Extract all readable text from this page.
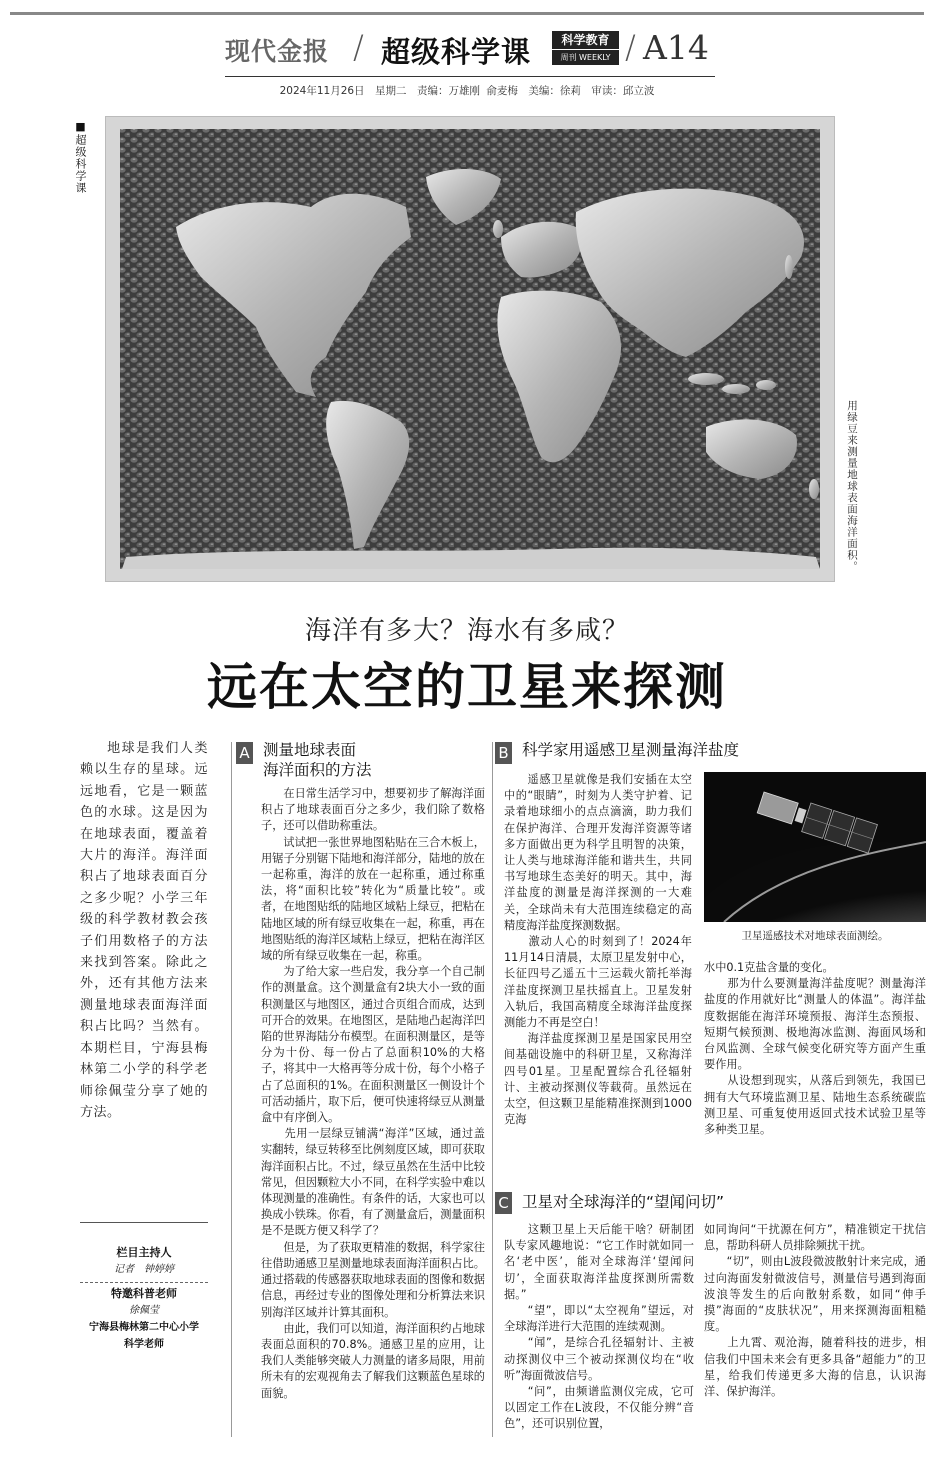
现代金报 / 超级科学课	科学教育
周刊 WEEKLY / A14
2024年11月26日　星期二　责编：万雄刚 俞麦梅　美编：徐莉　审读：邱立波
■超级科学课
用绿豆来测量地球表面海洋面积。
海洋有多大？海水有多咸？
远在太空的卫星来探测
地球是我们人类赖以生存的星球。远远地看，它是一颗蓝色的水球。这是因为在地球表面，覆盖着大片的海洋。海洋面积占了地球表面百分之多少呢？小学三年级的科学教材教会孩子们用数格子的方法来找到答案。除此之外，还有其他方法来测量地球表面海洋面积占比吗？当然有。本期栏目，宁海县梅林第二小学的科学老师徐佩莹分享了她的方法。
栏目主持人
记者　钟婷婷
特邀科普老师
徐佩莹
宁海县梅林第二中心小学
科学老师
A 测量地球表面
海洋面积的方法
　　在日常生活学习中，想要初步了解海洋面积占了地球表面百分之多少，我们除了数格子，还可以借助称重法。
　　试试把一张世界地图粘贴在三合木板上，用锯子分别锯下陆地和海洋部分，陆地的放在一起称重，海洋的放在一起称重，通过称重法，将“面积比较”转化为“质量比较”。或者，在地图贴纸的陆地区域粘上绿豆，把粘在陆地区域的所有绿豆收集在一起，称重，再在地图贴纸的海洋区域粘上绿豆，把粘在海洋区域的所有绿豆收集在一起，称重。
　　为了给大家一些启发，我分享一个自己制作的测量盒。这个测量盒有2块大小一致的面积测量区与地图区，通过合页组合而成，达到可开合的效果。在地图区，是陆地凸起海洋凹陷的世界海陆分布模型。在面积测量区，是等分为十份、每一份占了总面积10%的大格子，将其中一大格再等分成十份，每个小格子占了总面积的1%。在面积测量区一侧设计个可活动插片，取下后，便可快速将绿豆从测量盒中有序倒入。
　　先用一层绿豆铺满“海洋”区域，通过盖实翻转，绿豆转移至比例刻度区域，即可获取海洋面积占比。不过，绿豆虽然在生活中比较常见，但因颗粒大小不同，在科学实验中难以体现测量的准确性。有条件的话，大家也可以换成小铁珠。你看，有了测量盒后，测量面积是不是既方便又科学了？
　　但是，为了获取更精准的数据，科学家往往借助通感卫星测量地球表面海洋面积占比。通过搭载的传感器获取地球表面的图像和数据信息，再经过专业的图像处理和分析算法来识别海洋区域并计算其面积。
　　由此，我们可以知道，海洋面积约占地球表面总面积的70.8%。通感卫星的应用，让我们人类能够突破人力测量的诸多局限，用前所未有的宏观视角去了解我们这颗蓝色星球的面貌。
B 科学家用遥感卫星测量海洋盐度
　　遥感卫星就像是我们安插在太空中的“眼睛”，时刻为人类守护着、记录着地球细小的点点滴滴，助力我们在保护海洋、合理开发海洋资源等诸多方面做出更为科学且明智的决策，让人类与地球海洋能和谐共生，共同书写地球生态美好的明天。其中，海洋盐度的测量是海洋探测的一大难关，全球尚未有大范围连续稳定的高精度海洋盐度探测数据。
　　激动人心的时刻到了！2024年11月14日清晨，太原卫星发射中心，长征四号乙遥五十三运载火箭托举海洋盐度探测卫星扶摇直上。卫星发射入轨后，我国高精度全球海洋盐度探测能力不再是空白！
　　海洋盐度探测卫星是国家民用空间基础设施中的科研卫星，又称海洋四号01星。卫星配置综合孔径辐射计、主被动探测仪等载荷。虽然远在太空，但这颗卫星能精准探测到1000克海
卫星遥感技术对地球表面测绘。
水中0.1克盐含量的变化。
　　那为什么要测量海洋盐度呢？测量海洋盐度的作用就好比“测量人的体温”。海洋盐度数据能在海洋环境预报、海洋生态预报、短期气候预测、极地海冰监测、海面风场和台风监测、全球气候变化研究等方面产生重要作用。
　　从设想到现实，从落后到领先，我国已拥有大气环境监测卫星、陆地生态系统碳监测卫星、可重复使用返回式技术试验卫星等多种类卫星。
C 卫星对全球海洋的“望闻问切”
　　这颗卫星上天后能干啥？研制团队专家风趣地说：“它工作时就如同一名‘老中医’，能对全球海洋‘望闻问切’，全面获取海洋盐度探测所需数据。”
　　“望”，即以“太空视角”望远，对全球海洋进行大范围的连续观测。
　　“闻”，是综合孔径辐射计、主被动探测仪中三个被动探测仪均在“收听”海面微波信号。
　　“问”，由频谱监测仪完成，它可以固定工作在L波段，不仅能分辨“音色”，还可识别位置，
如同询问“干扰源在何方”，精准锁定干扰信息，帮助科研人员排除频扰干扰。
　　“切”，则由L波段微波散射计来完成，通过向海面发射微波信号，测量信号遇到海面波浪等发生的后向散射系数，如同“伸手摸”海面的“皮肤状况”，用来探测海面粗糙度。
　　上九霄、观沧海，随着科技的进步，相信我们中国未来会有更多具备“超能力”的卫星，给我们传递更多大海的信息，认识海洋、保护海洋。
